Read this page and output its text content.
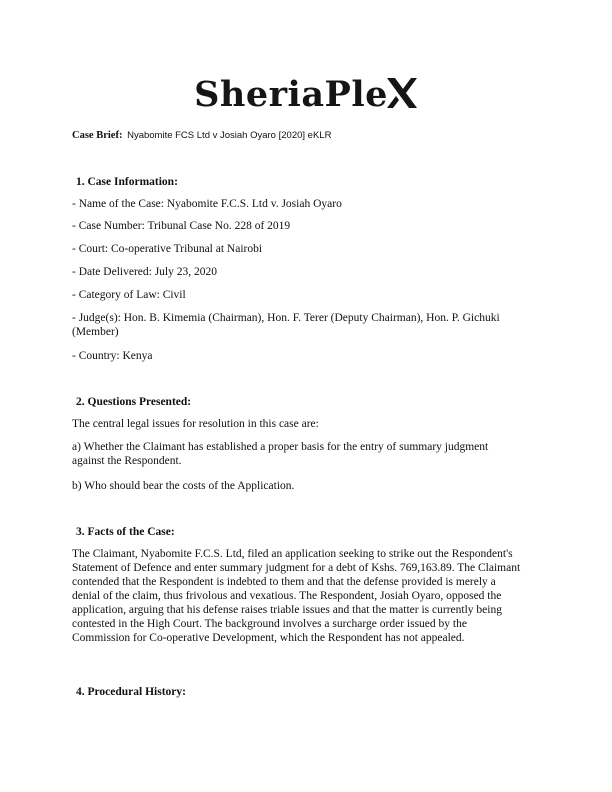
SheriaPle
Case Brief: Nyabomite FCS Ltd v Josiah Oyaro [2020] eKLR
1. Case Information:

- Name of the Case: Nyabomite F.C.S. Ltd v. Josiah Oyaro

- Case Number: Tribunal Case No. 228 of 2019

- Court: Co-operative Tribunal at Nairobi

- Date Delivered: July 23, 2020

- Category of Law: Civil

- Judge(s): Hon. B. Kimemia (Chairman), Hon. F. Terer (Deputy Chairman), Hon. P. Gichuki

(Member)

- Country: Kenya

2. Questions Presented:

The central legal issues for resolution in this case are:

a) Whether the Claimant has established a proper basis for the entry of summary judgment

against the Respondent.

b) Who should bear the costs of the Application.

3. Facts of the Case:

The Claimant, Nyabomite F.C.S. Ltd, filed an application seeking to strike out the Respondent's

Statement of Defence and enter summary judgment for a debt of Kshs. 769,163.89. The Claimant

contended that the Respondent is indebted to them and that the defense provided is merely a

denial of the claim, thus frivolous and vexatious. The Respondent, Josiah Oyaro, opposed the

application, arguing that his defense raises triable issues and that the matter is currently being

contested in the High Court. The background involves a surcharge order issued by the

Commission for Co-operative Development, which the Respondent has not appealed.

4. Procedural History:
